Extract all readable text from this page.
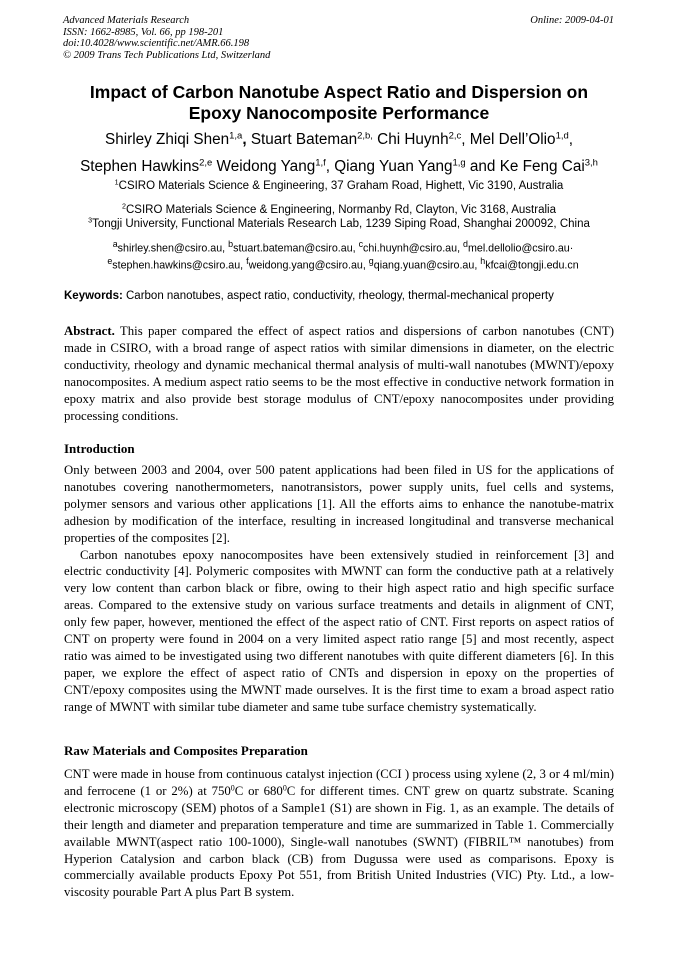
Advanced Materials Research
ISSN: 1662-8985, Vol. 66, pp 198-201
doi:10.4028/www.scientific.net/AMR.66.198
© 2009 Trans Tech Publications Ltd, Switzerland
Online: 2009-04-01
Impact of Carbon Nanotube Aspect Ratio and Dispersion on
Epoxy Nanocomposite Performance
Shirley Zhiqi Shen$^{1,a}$, Stuart Bateman$^{2,b,}$ Chi Huynh$^{2,c}$, Mel Dell’Olio$^{1,d}$,
Stephen Hawkins$^{2,e}$ Weidong Yang$^{1,f}$, Qiang Yuan Yang$^{1,g}$ and Ke Feng Cai$^{3,h}$
$^1$CSIRO Materials Science & Engineering, 37 Graham Road, Highett, Vic 3190, Australia
$^2$CSIRO Materials Science & Engineering, Normanby Rd, Clayton, Vic 3168, Australia
$^3$Tongji University, Functional Materials Research Lab, 1239 Siping Road, Shanghai 200092, China
$^a$shirley.shen@csiro.au, $^b$stuart.bateman@csiro.au, $^c$chi.huynh@csiro.au, $^d$mel.dellolio@csiro.au·
$^e$stephen.hawkins@csiro.au, $^f$weidong.yang@csiro.au, $^g$qiang.yuan@csiro.au, $^h$kfcai@tongji.edu.cn
Keywords: Carbon nanotubes, aspect ratio, conductivity, rheology, thermal-mechanical property

Abstract. This paper compared the effect of aspect ratios and dispersions of carbon nanotubes (CNT) made in CSIRO, with a broad range of aspect ratios with similar dimensions in diameter, on the electric conductivity, rheology and dynamic mechanical thermal analysis of multi-wall nanotubes (MWNT)/epoxy nanocomposites. A medium aspect ratio seems to be the most effective in conductive network formation in epoxy matrix and also provide best storage modulus of CNT/epoxy nanocomposites under providing processing conditions.

Introduction

Only between 2003 and 2004, over 500 patent applications had been filed in US for the applications of nanotubes covering nanothermometers, nanotransistors, power supply units, fuel cells and systems, polymer sensors and various other applications [1]. All the efforts aims to enhance the nanotube-matrix adhesion by modification of the interface, resulting in increased longitudinal and transverse mechanical properties of the composites [2].

Carbon nanotubes epoxy nanocomposites have been extensively studied in reinforcement [3] and electric conductivity [4]. Polymeric composites with MWNT can form the conductive path at a relatively very low content than carbon black or fibre, owing to their high aspect ratio and high specific surface areas. Compared to the extensive study on various surface treatments and details in alignment of CNT, only few paper, however, mentioned the effect of the aspect ratio of CNT. First reports on aspect ratios of CNT on property were found in 2004 on a very limited aspect ratio range [5] and most recently, aspect ratio was aimed to be investigated using two different nanotubes with quite different diameters [6]. In this paper, we explore the effect of aspect ratio of CNTs and dispersion in epoxy on the properties of CNT/epoxy composites using the MWNT made ourselves. It is the first time to exam a broad aspect ratio range of MWNT with similar tube diameter and same tube surface chemistry systematically.

Raw Materials and Composites Preparation

CNT were made in house from continuous catalyst injection (CCI ) process using xylene (2, 3 or 4 ml/min) and ferrocene (1 or 2%) at $750^0C$ or $680^0C$ for different times. CNT grew on quartz substrate. Scaning electronic microscopy (SEM) photos of a Sample1 (S1) are shown in Fig. 1, as an example. The details of their length and diameter and preparation temperature and time are summarized in Table 1. Commercially available MWNT(aspect ratio 100-1000), Single-wall nanotubes (SWNT) (FIBRIL™ nanotubes) from Hyperion Catalysion and carbon black (CB) from Dugussa were used as comparisons. Epoxy is commercially available products Epoxy Pot 551, from British United Industries (VIC) Pty. Ltd., a low-viscosity pourable Part A plus Part B system.
